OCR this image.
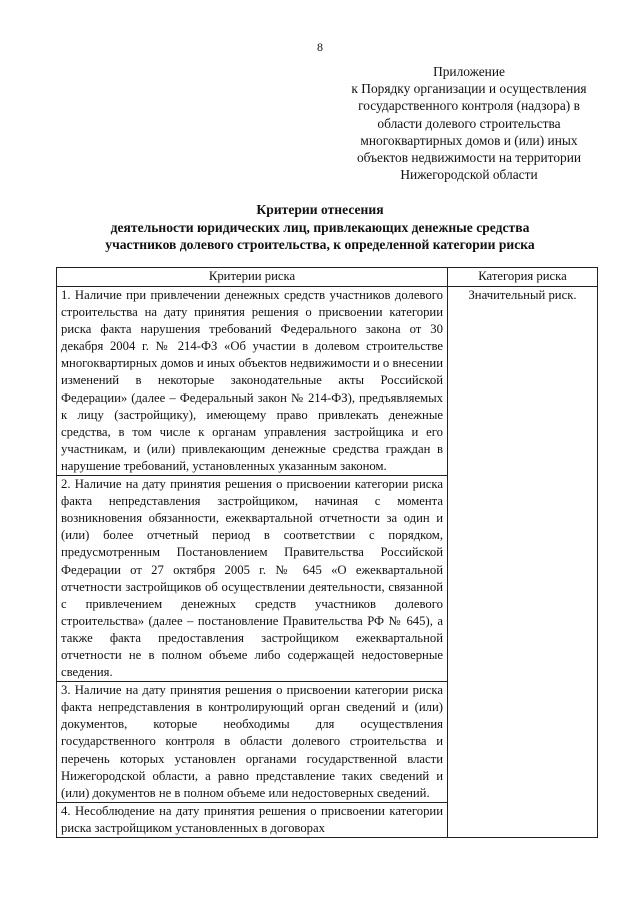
8
Приложение
к Порядку организации и осуществления
государственного контроля (надзора) в
области долевого строительства
многоквартирных домов и (или) иных
объектов недвижимости на территории
Нижегородской области
Критерии отнесения
деятельности юридических лиц, привлекающих денежные средства
участников долевого строительства, к определенной категории риска
Критерии риска	Категория риска
1. Наличие при привлечении денежных средств участников долевого строительства на дату принятия решения о присвоении категории риска факта нарушения требований Федерального закона от 30 декабря 2004 г. № 214-ФЗ «Об участии в долевом строительстве многоквартирных домов и иных объектов недвижимости и о внесении изменений в некоторые законодательные акты Российской Федерации» (далее – Федеральный закон № 214-ФЗ), предъявляемых к лицу (застройщику), имеющему право привлекать денежные средства, в том числе к органам управления застройщика и его участникам, и (или) привлекающим денежные средства граждан в нарушение требований, установленных указанным законом.	Значительный риск.
2. Наличие на дату принятия решения о присвоении категории риска факта непредставления застройщиком, начиная с момента возникновения обязанности, ежеквартальной отчетности за один и (или) более отчетный период в соответствии с порядком, предусмотренным Постановлением Правительства Российской Федерации от 27 октября 2005 г. № 645 «О ежеквартальной отчетности застройщиков об осуществлении деятельности, связанной с привлечением денежных средств участников долевого строительства» (далее – постановление Правительства РФ № 645), а также факта предоставления застройщиком ежеквартальной отчетности не в полном объеме либо содержащей недостоверные сведения.	
3. Наличие на дату принятия решения о присвоении категории риска факта непредставления в контролирующий орган сведений и (или) документов, которые необходимы для осуществления государственного контроля в области долевого строительства и перечень которых установлен органами государственной власти Нижегородской области, а равно представление таких сведений и (или) документов не в полном объеме или недостоверных сведений.	
4. Несоблюдение на дату принятия решения о присвоении категории риска застройщиком установленных в договорах	
